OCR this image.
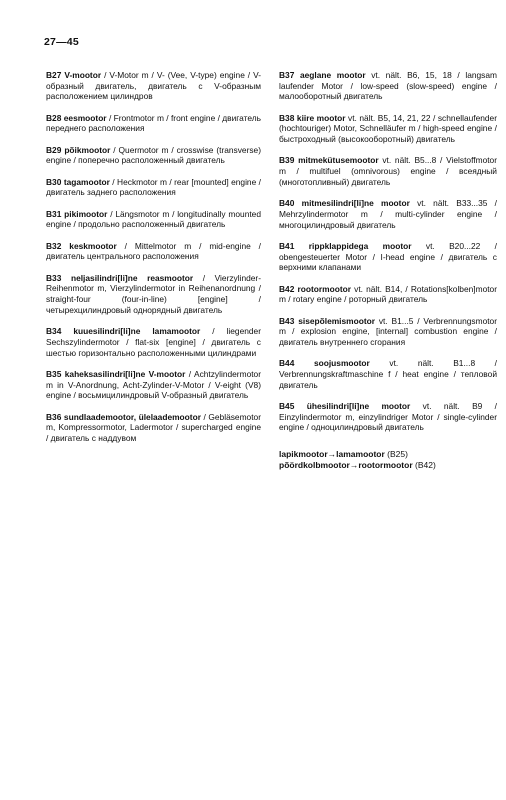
27—45

B27 V-mootor / V-Motor m / V- (Vee, V-type) engine / V-образный двигатель, двигатель с V-образным расположением цилиндров

B28 eesmootor / Frontmotor m / front engine / двигатель переднего расположения

B29 põikmootor / Quermotor m / crosswise (transverse) engine / поперечно расположенный двигатель

B30 tagamootor / Heckmotor m / rear [mounted] engine / двигатель заднего расположения

B31 pikimootor / Längsmotor m / longitudinally mounted engine / продольно расположенный двигатель

B32 keskmootor / Mittelmotor m / mid-engine / двигатель центрального расположения

B33 neljasilindri[li]ne reasmootor / Vierzylinder-Reihenmotor m, Vierzylindermotor in Reihenanordnung / straight-four (four-in-line) [engine] / четырехцилиндровый однорядный двигатель

B34 kuuesilindri[li]ne lamamootor / liegender Sechszylindermotor / flat-six [engine] / двигатель с шестью горизонтально расположенными цилиндрами

B35 kaheksasilindri[li]ne V-mootor / Achtzylindermotor m in V-Anordnung, Acht-Zylinder-V-Motor / V-eight (V8) engine / восьмицилиндровый V-образный двигатель

B36 sundlaademootor, ülelaademootor / Gebläsemotor m, Kompressormotor, Ladermotor / supercharged engine / двигатель с наддувом

B37 aeglane mootor vt. nält. B6, 15, 18 / langsam laufender Motor / low-speed (slow-speed) engine / малооборотный двигатель

B38 kiire mootor vt. nält. B5, 14, 21, 22 / schnellaufender (hochtouriger) Motor, Schnelläufer m / high-speed engine / быстроходный (высокооборотный) двигатель

B39 mitmekütusemootor vt. nält. B5...8 / Vielstoffmotor m / multifuel (omnivorous) engine / всеядный (многотопливный) двигатель

B40 mitmesilindri[li]ne mootor vt. nält. B33...35 / Mehrzylindermotor m / multi-cylinder engine / многоцилиндровый двигатель

B41 rippklappidega mootor vt. B20...22 / obengesteuerter Motor / I-head engine / двигатель с верхними клапанами

B42 rootormootor vt. nält. B14, / Rotations[kolben]motor m / rotary engine / роторный двигатель

B43 sisepõlemismootor vt. B1...5 / Verbrennungsmotor m / explosion engine, [internal] combustion engine / двигатель внутреннего сгорания

B44 soojusmootor vt. nält. B1...8 / Verbrennungskraftmaschine f / heat engine / тепловой двигатель

B45 ühesilindri[li]ne mootor vt. nält. B9 / Einzylindermotor m, einzylindriger Motor / single-cylinder engine / одноцилиндровый двигатель

lapikmootor→lamamootor (B25)
põördkolbmootor→rootormootor (B42)
